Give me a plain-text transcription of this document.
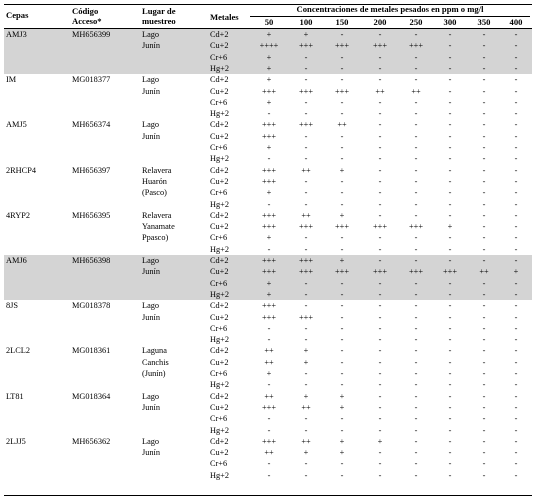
Cepas	Código
Acceso*
Lugar de
muestreo	Metales
Concentraciones de metales pesados en ppm o mg/l
50	100	150	200	250	300	350	400
AMJ3	MH656399	Lago
Junín
Cd+2	+	+	-	-	-	-	-	-
Cu+2	++++	+++	+++	+++	+++	-	-	-
Cr+6	+	-	-	-	-	-	-	-
Hg+2	+	-	-	-	-	-	-	-
IM	MG018377	Lago
Junín
Cd+2	+	-	-	-	-	-	-	-
Cu+2	+++	+++	+++	++	++	-	-	-
Cr+6	+	-	-	-	-	-	-	-
Hg+2	-	-	-	-	-	-	-	-
AMJ5	MH656374	Lago
Junín
Cd+2	+++	+++	++	-	-	-	-	-
Cu+2	+++	-	-	-	-	-	-	-
Cr+6	+	-	-	-	-	-	-	-
Hg+2	-	-	-	-	-	-	-	-
2RHCP4	MH656397	Relavera
Huarón
(Pasco)
Cd+2	+++	++	+	-	-	-	-	-
Cu+2	+++	-	-	-	-	-	-	-
Cr+6	+	-	-	-	-	-	-	-
Hg+2	-	-	-	-	-	-	-	-
4RYP2	MH656395	Relavera
Yanamate
Ppasco)
Cd+2	+++	++	+	-	-	-	-	-
Cu+2	+++	+++	+++	+++	+++	+	-	-
Cr+6	+	-	-	-	-	-	-	-
Hg+2	-	-	-	-	-	-	-	-
AMJ6	MH656398	Lago
Junín
Cd+2	+++	+++	+	-	-	-	-	-
Cu+2	+++	+++	+++	+++	+++	+++	++	+
Cr+6	+	-	-	-	-	-	-	-
Hg+2	+	-	-	-	-	-	-	-
8JS	MG018378	Lago
Junín
Cd+2	+++	-	-	-	-	-	-	-
Cu+2	+++	+++	-	-	-	-	-	-
Cr+6	-	-	-	-	-	-	-	-
Hg+2	-	-	-	-	-	-	-	-
2LCL2	MG018361	Laguna
Canchis
(Junín)
Cd+2	++	+	-	-	-	-	-	-
Cu+2	++	+	-	-	-	-	-	-
Cr+6	+	-	-	-	-	-	-	-
Hg+2	-	-	-	-	-	-	-	-
LT81	MG018364	Lago
Junín
Cd+2	++	+	+	-	-	-	-	-
Cu+2	+++	++	+	-	-	-	-	-
Cr+6	-	-	-	-	-	-	-	-
Hg+2	-	-	-	-	-	-	-	-
2LJJ5	MH656362	Lago
Junín
Cd+2	+++	++	+	+	-	-	-	-
Cu+2	++	+	+	-	-	-	-	-
Cr+6	-	-	-	-	-	-	-	-
Hg+2	-	-	-	-	-	-	-	-
